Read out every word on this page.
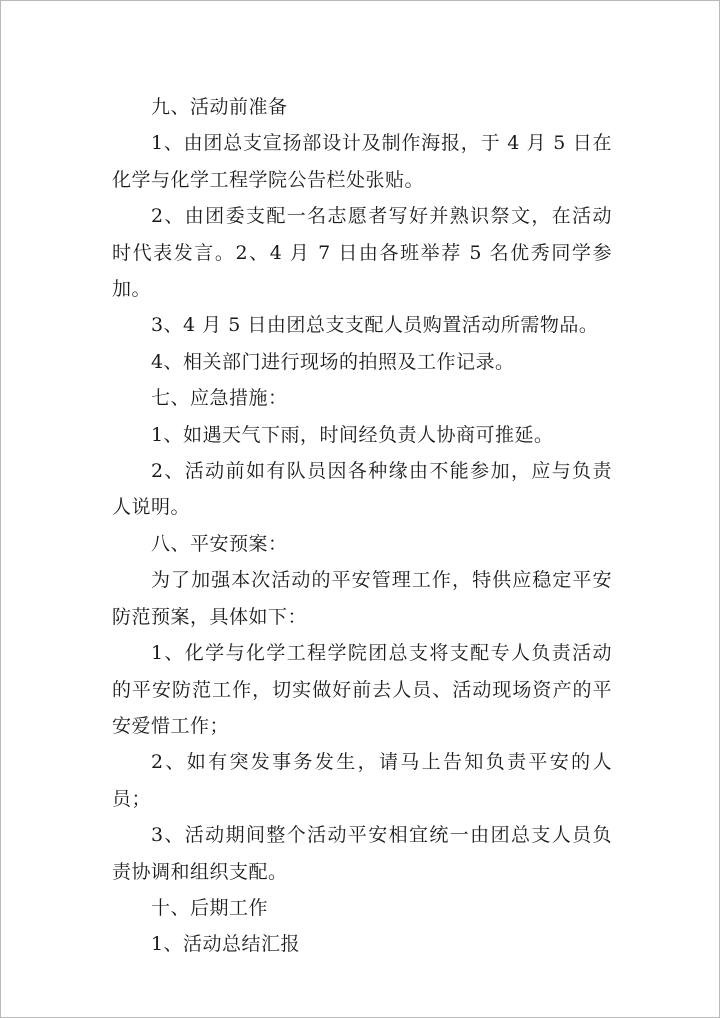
九、活动前准备

1、由团总支宣扬部设计及制作海报，于 4 月 5 日在化学与化学工程学院公告栏处张贴。

2、由团委支配一名志愿者写好并熟识祭文，在活动时代表发言。2、4 月 7 日由各班举荐 5 名优秀同学参加。

3、4 月 5 日由团总支支配人员购置活动所需物品。

4、相关部门进行现场的拍照及工作记录。

七、应急措施：

1、如遇天气下雨，时间经负责人协商可推延。

2、活动前如有队员因各种缘由不能参加，应与负责人说明。

八、平安预案：

为了加强本次活动的平安管理工作，特供应稳定平安防范预案，具体如下：

1、化学与化学工程学院团总支将支配专人负责活动的平安防范工作，切实做好前去人员、活动现场资产的平安爱惜工作；

2、如有突发事务发生，请马上告知负责平安的人员；

3、活动期间整个活动平安相宜统一由团总支人员负责协调和组织支配。

十、后期工作

1、活动总结汇报
